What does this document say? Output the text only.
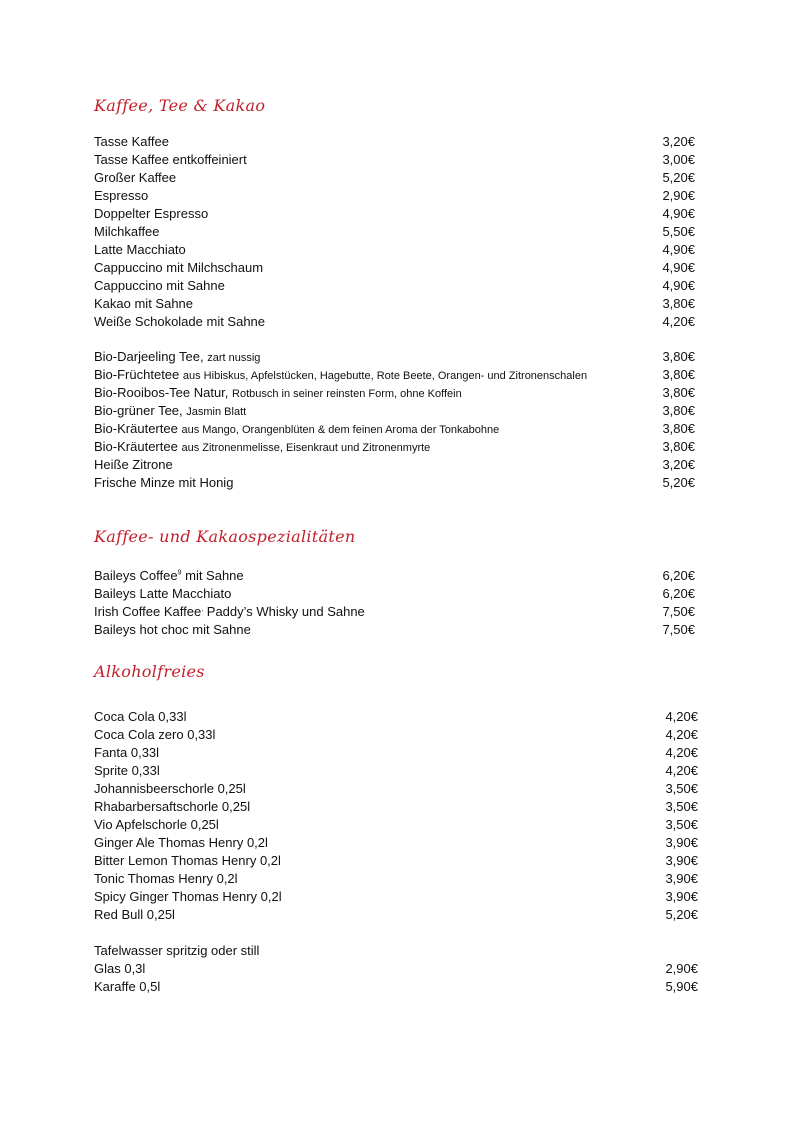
Kaffee, Tee & Kakao
Tasse Kaffee	3,20€
Tasse Kaffee entkoffeiniert	3,00€
Großer Kaffee	5,20€
Espresso	2,90€
Doppelter Espresso	4,90€
Milchkaffee	5,50€
Latte Macchiato	4,90€
Cappuccino mit Milchschaum	4,90€
Cappuccino mit Sahne	4,90€
Kakao mit Sahne	3,80€
Weiße Schokolade mit Sahne	4,20€
Bio-Darjeeling Tee, zart nussig	3,80€
Bio-Früchtetee aus Hibiskus, Apfelstücken, Hagebutte, Rote Beete, Orangen- und Zitronenschalen	3,80€
Bio-Rooibos-Tee Natur, Rotbusch in seiner reinsten Form, ohne Koffein	3,80€
Bio-grüner Tee, Jasmin Blatt	3,80€
Bio-Kräutertee aus Mango, Orangenblüten & dem feinen Aroma der Tonkabohne	3,80€
Bio-Kräutertee aus Zitronenmelisse, Eisenkraut und Zitronenmyrte	3,80€
Heiße Zitrone	3,20€
Frische Minze mit Honig	5,20€
Kaffee- und Kakaospezialitäten
Baileys Coffee$^9$ mit Sahne	6,20€
Baileys Latte Macchiato	6,20€
Irish Coffee Kaffee, Paddy’s Whisky und Sahne	7,50€
Baileys hot choc mit Sahne	7,50€
Alkoholfreies
Coca Cola 0,33l	4,20€
Coca Cola zero 0,33l	4,20€
Fanta 0,33l	4,20€
Sprite 0,33l	4,20€
Johannisbeerschorle 0,25l	3,50€
Rhabarbersaftschorle 0,25l	3,50€
Vio Apfelschorle 0,25l	3,50€
Ginger Ale Thomas Henry 0,2l	3,90€
Bitter Lemon Thomas Henry 0,2l	3,90€
Tonic Thomas Henry 0,2l	3,90€
Spicy Ginger Thomas Henry 0,2l	3,90€
Red Bull 0,25l	5,20€
Tafelwasser spritzig oder still
Glas 0,3l	2,90€
Karaffe 0,5l	5,90€
